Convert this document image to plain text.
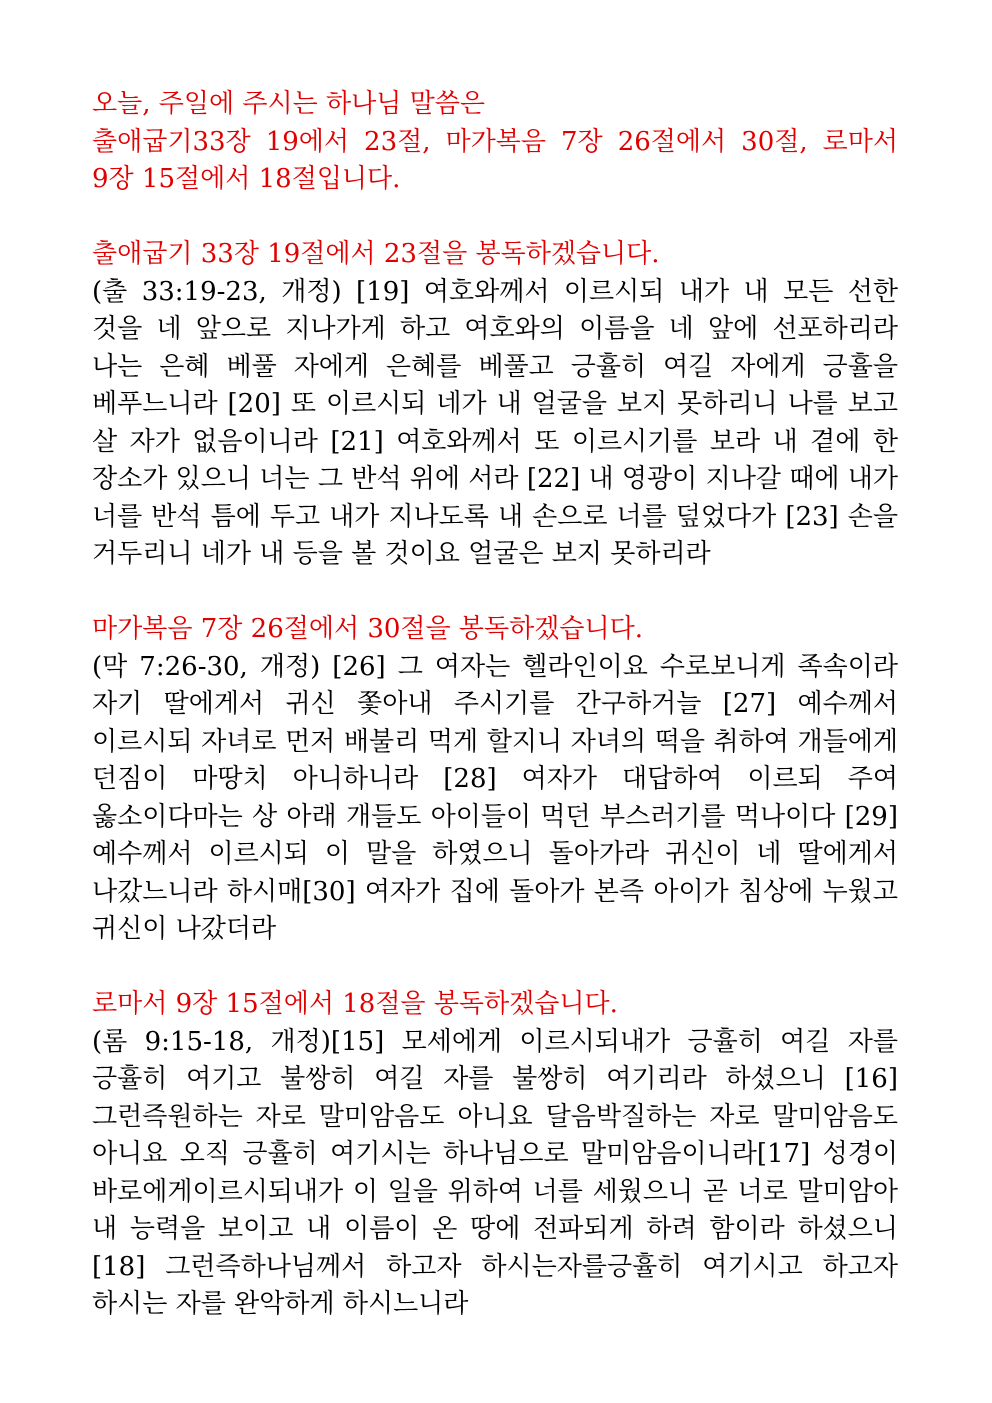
오늘, 주일에 주시는 하나님 말씀은

출애굽기33장 19에서 23절, 마가복음 7장 26절에서 30절, 로마서 9장 15절에서 18절입니다.

출애굽기 33장 19절에서 23절을 봉독하겠습니다.

(출 33:19-23, 개정) [19] 여호와께서 이르시되 내가 내 모든 선한 것을 네 앞으로 지나가게 하고 여호와의 이름을 네 앞에 선포하리라 나는 은혜 베풀 자에게 은혜를 베풀고 긍휼히 여길 자에게 긍휼을 베푸느니라 [20] 또 이르시되 네가 내 얼굴을 보지 못하리니 나를 보고 살 자가 없음이니라 [21] 여호와께서 또 이르시기를 보라 내 곁에 한 장소가 있으니 너는 그 반석 위에 서라 [22] 내 영광이 지나갈 때에 내가 너를 반석 틈에 두고 내가 지나도록 내 손으로 너를 덮었다가 [23] 손을 거두리니 네가 내 등을 볼 것이요 얼굴은 보지 못하리라

마가복음 7장 26절에서 30절을 봉독하겠습니다.

(막 7:26-30, 개정) [26] 그 여자는 헬라인이요 수로보니게 족속이라 자기 딸에게서 귀신 쫓아내 주시기를 간구하거늘 [27] 예수께서 이르시되 자녀로 먼저 배불리 먹게 할지니 자녀의 떡을 취하여 개들에게 던짐이 마땅치 아니하니라 [28] 여자가 대답하여 이르되 주여 옳소이다마는 상 아래 개들도 아이들이 먹던 부스러기를 먹나이다 [29] 예수께서 이르시되 이 말을 하였으니 돌아가라 귀신이 네 딸에게서 나갔느니라 하시매[30] 여자가 집에 돌아가 본즉 아이가 침상에 누웠고 귀신이 나갔더라

로마서 9장 15절에서 18절을 봉독하겠습니다.

(롬 9:15-18, 개정)[15] 모세에게 이르시되내가 긍휼히 여길 자를 긍휼히 여기고 불쌍히 여길 자를 불쌍히 여기리라 하셨으니 [16] 그런즉원하는 자로 말미암음도 아니요 달음박질하는 자로 말미암음도 아니요 오직 긍휼히 여기시는 하나님으로 말미암음이니라[17] 성경이 바로에게이르시되내가 이 일을 위하여 너를 세웠으니 곧 너로 말미암아 내 능력을 보이고 내 이름이 온 땅에 전파되게 하려 함이라 하셨으니 [18] 그런즉하나님께서 하고자 하시는자를긍휼히 여기시고 하고자 하시는 자를 완악하게 하시느니라
